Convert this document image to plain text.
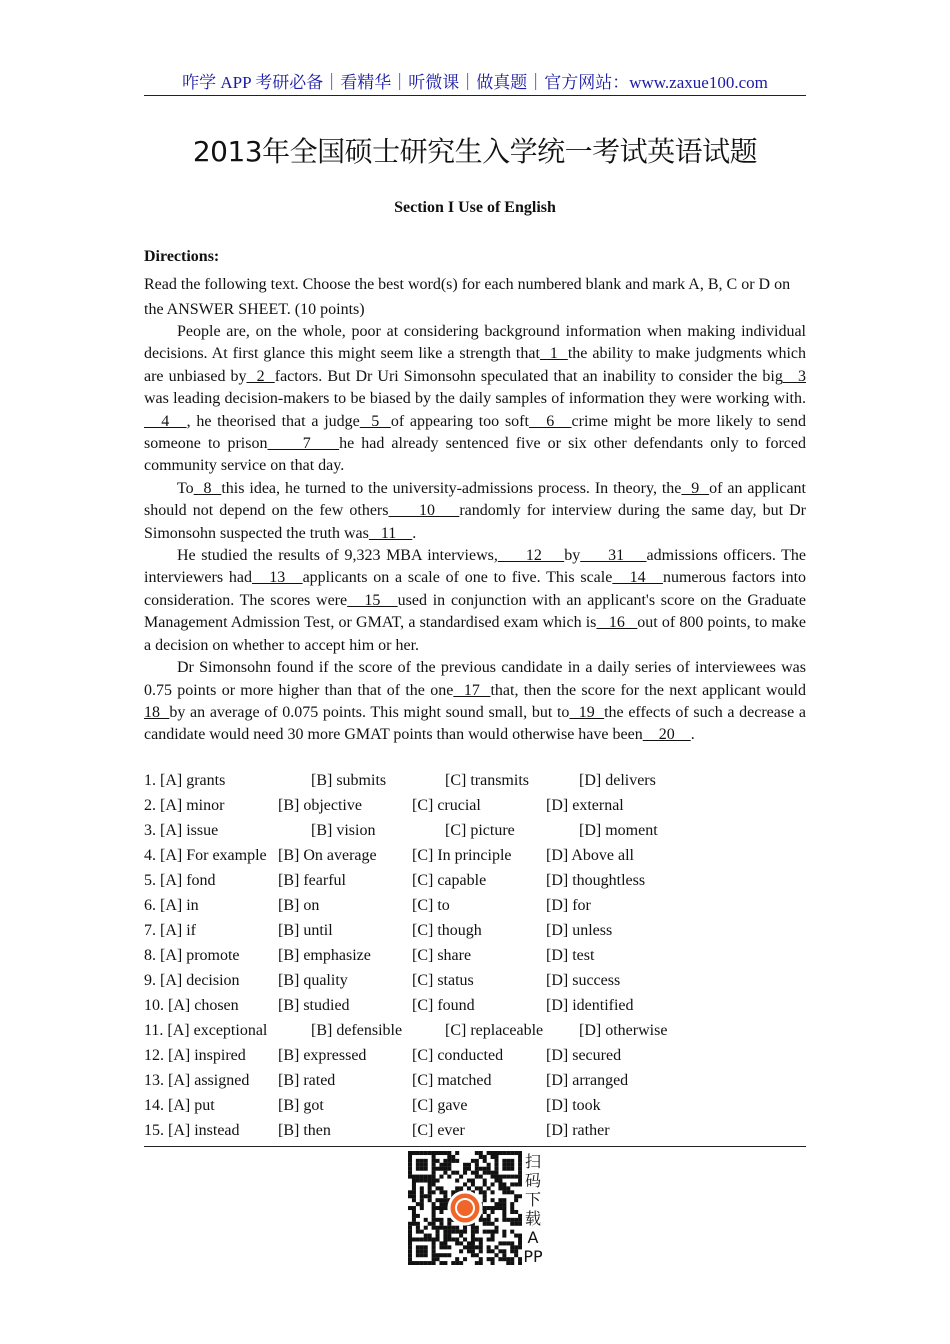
咋学 APP 考研必备｜看精华｜听微课｜做真题｜官方网站：www.zaxue100.com
2013年全国硕士研究生入学统一考试英语试题
Section I Use of English
Directions:
Read the following text. Choose the best word(s) for each numbered blank and mark A, B, C or D on the ANSWER SHEET. (10 points)

People are, on the whole, poor at considering background information when making individual decisions. At first glance this might seem like a strength that  1  the ability to make judgments which are unbiased by  2  factors. But Dr Uri Simonsohn speculated that an inability to consider the big   3 was leading decision-makers to be biased by the daily samples of information they were working with.   4   , he theorised that a judge  5  of appearing too soft   6   crime might be more likely to send someone to prison     7    he had already sentenced five or six other defendants only to forced community service on that day.

To  8  this idea, he turned to the university-admissions process. In theory, the  9  of an applicant should not depend on the few others     10    randomly for interview during the same day, but Dr Simonsohn suspected the truth was   11    .

He studied the results of 9,323 MBA interviews,     12    by     31    admissions officers. The interviewers had   13   applicants on a scale of one to five. This scale   14   numerous factors into consideration. The scores were   15   used in conjunction with an applicant's score on the Graduate Management Admission Test, or GMAT, a standardised exam which is   16   out of 800 points, to make a decision on whether to accept him or her.

Dr Simonsohn found if the score of the previous candidate in a daily series of interviewees was 0.75 points or more higher than that of the one  17  that, then the score for the next applicant would 18  by an average of 0.075 points. This might sound small, but to  19  the effects of such a decrease a candidate would need 30 more GMAT points than would otherwise have been    20    .

1. [A] grants	[B] submits	[C] transmits	[D] delivers
2. [A] minor	[B] objective	[C] crucial	[D] external
3. [A] issue	[B] vision	[C] picture	[D] moment
4. [A] For example [B] On average [C] In principle [D] Above all
5. [A] fond	[B] fearful	[C] capable	[D] thoughtless
6. [A] in	[B] on	[C] to	[D] for
7. [A] if	[B] until	[C] though	[D] unless
8. [A] promote [B] emphasize	[C] share	[D] test
9. [A] decision [B] quality	[C] status	[D] success
10. [A] chosen [B] studied	[C] found	[D] identified
11. [A] exceptional	[B] defensible	[C] replaceable [D] otherwise
12. [A] inspired [B] expressed	[C] conducted	[D] secured
13. [A] assigned [B] rated	[C] matched	[D] arranged
14. [A] put	[B] got	[C] gave	[D] took
15. [A] instead [B] then	[C] ever	[D] rather
扫码下载APP
